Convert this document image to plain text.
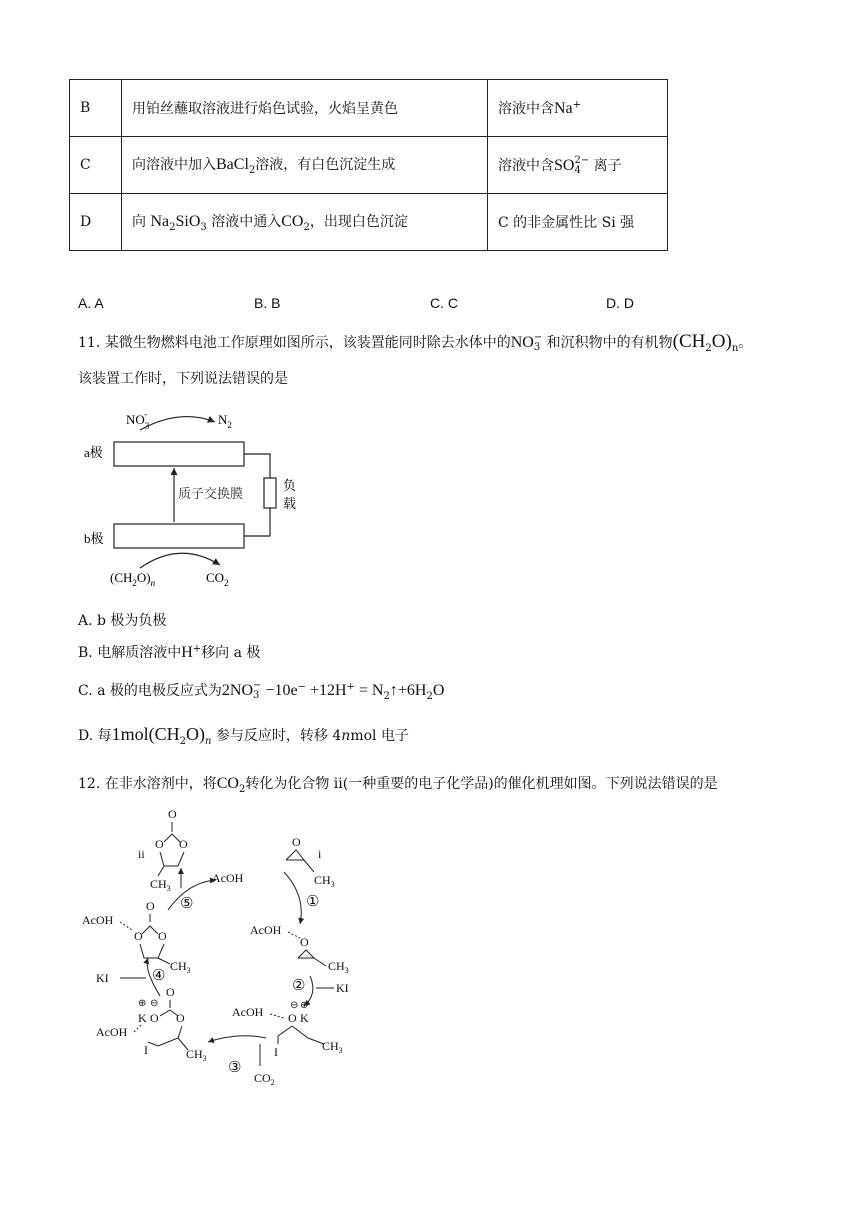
B	用铂丝蘸取溶液进行焰色试验，火焰呈黄色	溶液中含Na+
C	向溶液中加入BaCl$_2$溶液，有白色沉淀生成	溶液中含SO 2−
4 离子
D	向 $Na_2SiO_3$ 溶液中通入$CO_2$，出现白色沉淀	C 的非金属性比 Si 强
A. A	B. B	C. C	D. D
11. 某微生物燃料电池工作原理如图所示，该装置能同时除去水体中的NO −
3 和沉积物中的有机物$(CH_2O)_n$。
该装置工作时，下列说法错误的是
$NO_3-$	$N_2$
a极
质子交换膜
负
载
b极
$(CH_2O)_n$	$CO_2$
A. b 极为负极
B. 电解质溶液中H+移向 a 极
C. a 极的电极反应式为2NO −
$3 -10e^- +12H^+ = N_2↑+6H_2O$
D. 每$1mol(CH_2O)_n$ 参与反应时，转移 4nmol 电子
12. 在非水溶剂中，将$CO_2$转化为化合物 ii(一种重要的电子化学品)的催化机理如图。下列说法错误的是
ii
O
O O
$CH_3$
AcOH
O
$CH_3$
i
⑤	①
AcOH
O
O O
$CH_3$
AcOH
O
$CH_3$
KI	④
②	KI
⊕ ⊖
O
AcOH
K O O
I	$CH_3$
AcOH	⊖ ⊕
O K
I	$CH_3$
③
$CO_2$
